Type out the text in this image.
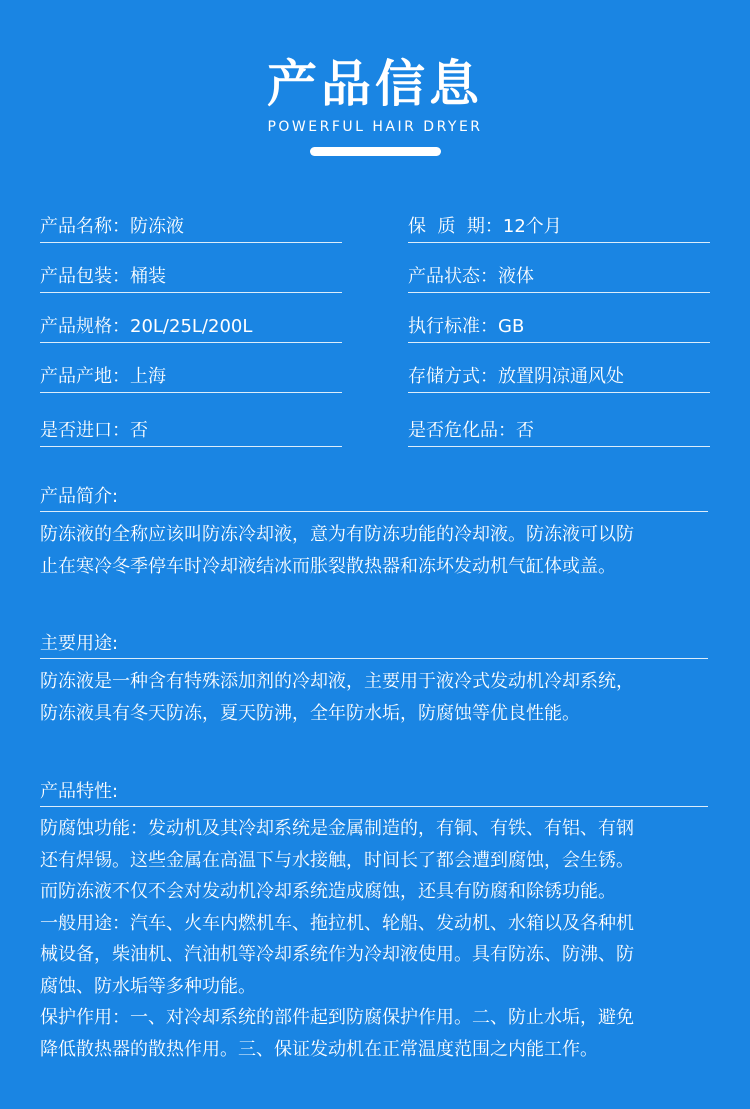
产品信息
POWERFUL HAIR DRYER
产品名称：防冻液	保  质  期：12个月
产品包装：桶装	产品状态：液体
产品规格：20L/25L/200L	执行标准：GB
产品产地：上海	存储方式：放置阴凉通风处
是否进口：否	是否危化品：否
产品简介:

防冻液的全称应该叫防冻冷却液，意为有防冻功能的冷却液。防冻液可以防

止在寒冷冬季停车时冷却液结冰而胀裂散热器和冻坏发动机气缸体或盖。

主要用途:

防冻液是一种含有特殊添加剂的冷却液，主要用于液冷式发动机冷却系统，

防冻液具有冬天防冻，夏天防沸，全年防水垢，防腐蚀等优良性能。

产品特性:

防腐蚀功能：发动机及其冷却系统是金属制造的，有铜、有铁、有铝、有钢

还有焊锡。这些金属在高温下与水接触，时间长了都会遭到腐蚀，会生锈。

而防冻液不仅不会对发动机冷却系统造成腐蚀，还具有防腐和除锈功能。

一般用途：汽车、火车内燃机车、拖拉机、轮船、发动机、水箱以及各种机

械设备，柴油机、汽油机等冷却系统作为冷却液使用。具有防冻、防沸、防

腐蚀、防水垢等多种功能。

保护作用：一、对冷却系统的部件起到防腐保护作用。二、防止水垢，避免

降低散热器的散热作用。三、保证发动机在正常温度范围之内能工作。
